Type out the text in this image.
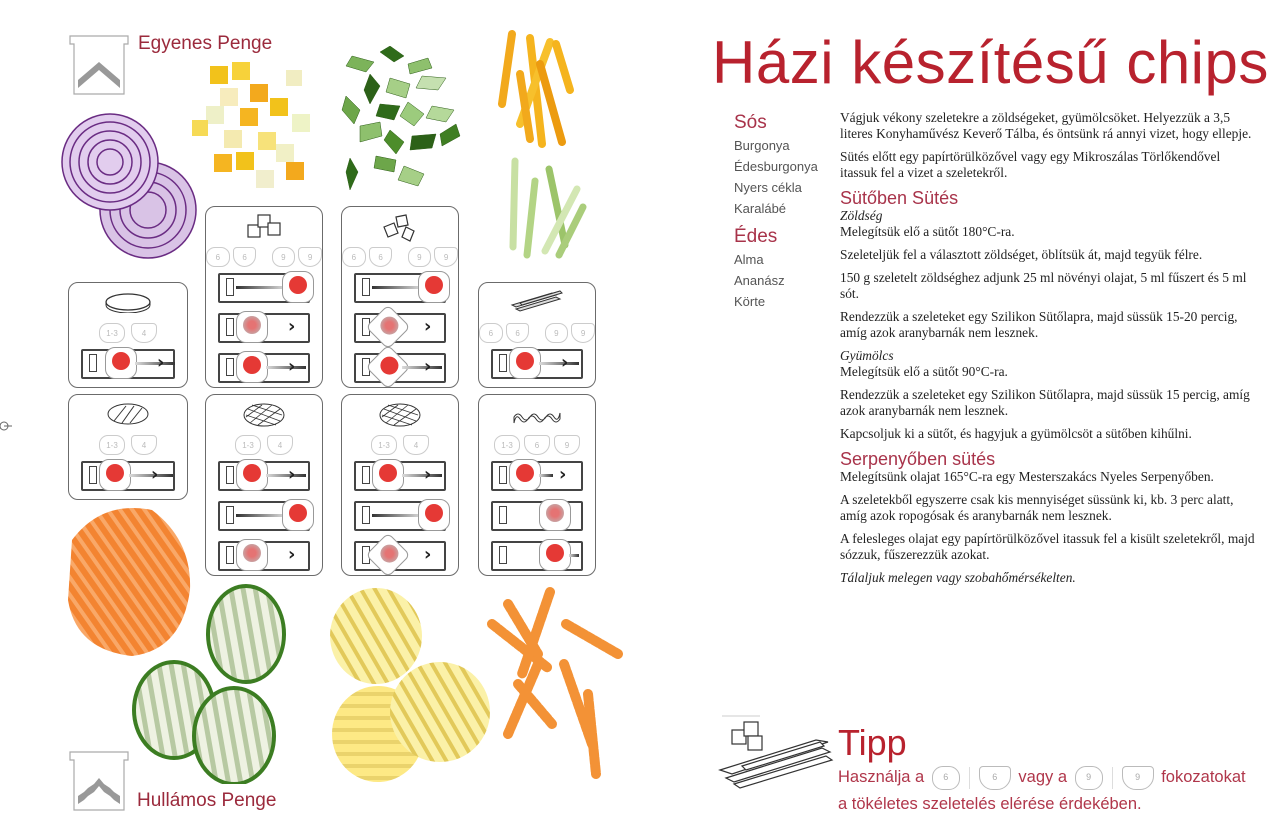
Egyenes Penge
Hullámos Penge
1-3	4
›
6	6	9	9
›
›
6	6	9	9
›
›
6	6	9	9
›
1-3	4
›
1-3	4
›
›
1-3	4
›
›
1-3	6	9
›
Házi készítésű chips
Sós
Burgonya
Édesburgonya
Nyers cékla
Karalábé
Édes
Alma
Ananász
Körte

Vágjuk vékony szeletekre a zöldségeket, gyümölcsöket. Helyezzük a 3,5 literes Konyhaművész Keverő Tálba, és öntsünk rá annyi vizet, hogy ellepje.

Sütés előtt egy papírtörülközővel vagy egy Mikroszálas Törlőkendővel itassuk fel a vizet a szeletekről.

Sütőben Sütés

Zöldség

Melegítsük elő a sütőt 180°C-ra.

Szeleteljük fel a választott zöldséget, öblítsük át, majd tegyük félre.

150 g szeletelt zöldséghez adjunk 25 ml növényi olajat, 5 ml fűszert és 5 ml sót.

Rendezzük a szeleteket egy Szilikon Sütőlapra, majd süssük 15-20 percig, amíg azok aranybarnák nem lesznek.

Gyümölcs

Melegítsük elő a sütőt 90°C-ra.

Rendezzük a szeleteket egy Szilikon Sütőlapra, majd süssük 15 percig, amíg azok aranybarnák nem lesznek.

Kapcsoljuk ki a sütőt, és hagyjuk a gyümölcsöt a sütőben kihűlni.

Serpenyőben sütés

Melegítsünk olajat 165°C-ra egy Mesterszakács Nyeles Serpenyőben.

A szeletekből egyszerre csak kis mennyiséget süssünk ki, kb. 3 perc alatt, amíg azok ropogósak és aranybarnák nem lesznek.

A felesleges olajat egy papírtörülközővel itassuk fel a kisült szeletekről, majd sózzuk, fűszerezzük azokat.

Tálaljuk melegen vagy szobahőmérsékelten.

Tipp
Használja a 6	6 vagy a 9	9 fokozatokat
a tökéletes szeletelés elérése érdekében.
